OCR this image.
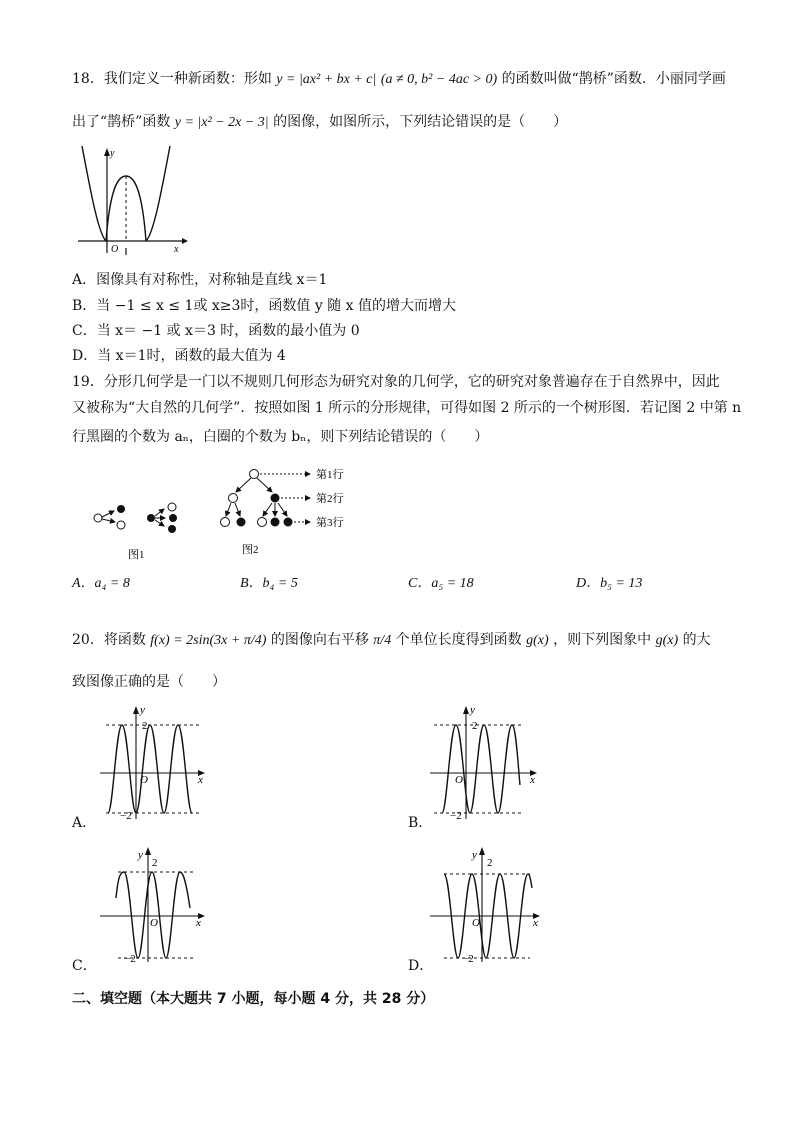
18．我们定义一种新函数：形如 y = |ax² + bx + c| (a ≠ 0, b² − 4ac > 0) 的函数叫做“鹊桥”函数．小丽同学画
出了“鹊桥”函数 y = |x² − 2x − 3| 的图像，如图所示，下列结论错误的是（　　）
y
x
O
A．图像具有对称性，对称轴是直线 x＝1
B．当 −1 ≤ x ≤ 1或 x≥3时，函数值 y 随 x 值的增大而增大
C．当 x＝ −1 或 x＝3 时，函数的最小值为 0
D．当 x＝1时，函数的最大值为 4
19．分形几何学是一门以不规则几何形态为研究对象的几何学，它的研究对象普遍存在于自然界中，因此
又被称为“大自然的几何学”．按照如图 1 所示的分形规律，可得如图 2 所示的一个树形图．若记图 2 中第 n
行黑圈的个数为 aₙ，白圈的个数为 bₙ，则下列结论错误的（　　）
图1
第1行
第2行
第3行
图2
A．a₄ = 8	B．b₄ = 5	C．a₅ = 18	D．b₅ = 13
20．将函数 f(x) = 2sin(3x + π/4) 的图像向右平移 π/4 个单位长度得到函数 g(x) ，则下列图象中 g(x) 的大
致图像正确的是（　　）
y
x
O
2
−2
A．
y
x
O
2
−2
B．
y
x
O
2
−2
C．
y
x
O
2
−2
D．
二、填空题（本大题共 7 小题，每小题 4 分，共 28 分）
